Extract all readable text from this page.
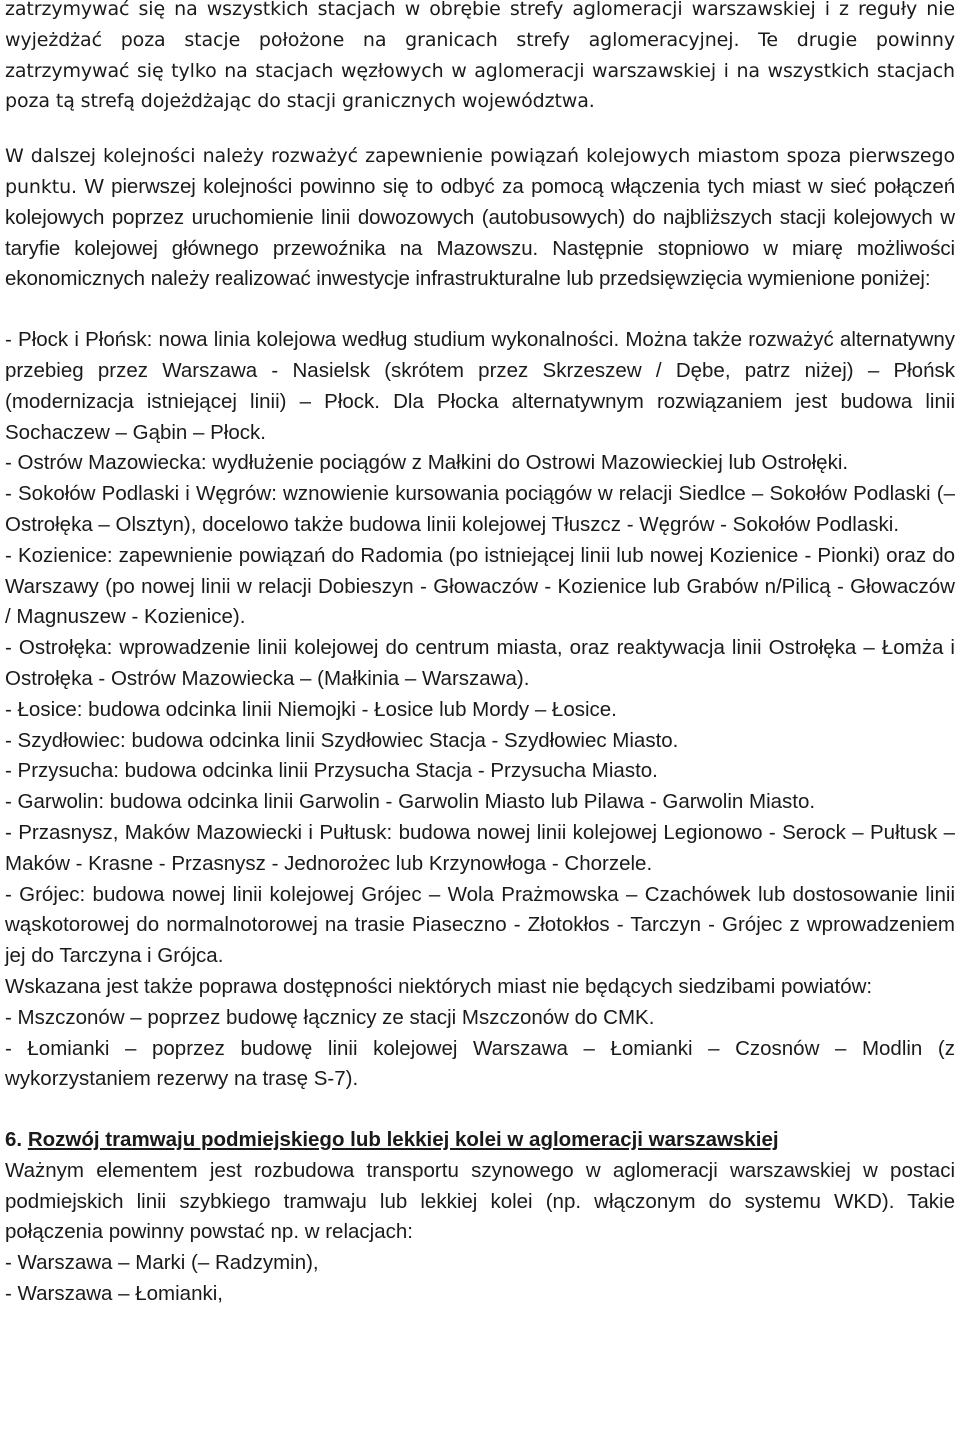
zatrzymywać się na wszystkich stacjach w obrębie strefy aglomeracji warszawskiej i z reguły nie wyjeżdżać poza stacje położone na granicach strefy aglomeracyjnej. Te drugie powinny zatrzymywać się tylko na stacjach węzłowych w aglomeracji warszawskiej i na wszystkich stacjach poza tą strefą dojeżdżając do stacji granicznych województwa.

W dalszej kolejności należy rozważyć zapewnienie powiązań kolejowych miastom spoza pierwszego punktu. W pierwszej kolejności powinno się to odbyć za pomocą włączenia tych miast w sieć połączeń kolejowych poprzez uruchomienie linii dowozowych (autobusowych) do najbliższych stacji kolejowych w taryfie kolejowej głównego przewoźnika na Mazowszu. Następnie stopniowo w miarę możliwości ekonomicznych należy realizować inwestycje infrastrukturalne lub przedsięwzięcia wymienione poniżej:

- Płock i Płońsk: nowa linia kolejowa według studium wykonalności. Można także rozważyć alternatywny przebieg przez Warszawa - Nasielsk (skrótem przez Skrzeszew / Dębe, patrz niżej) – Płońsk (modernizacja istniejącej linii) – Płock. Dla Płocka alternatywnym rozwiązaniem jest budowa linii Sochaczew – Gąbin – Płock.

- Ostrów Mazowiecka: wydłużenie pociągów z Małkini do Ostrowi Mazowieckiej lub Ostrołęki.

- Sokołów Podlaski i Węgrów: wznowienie kursowania pociągów w relacji Siedlce – Sokołów Podlaski (– Ostrołęka – Olsztyn), docelowo także budowa linii kolejowej Tłuszcz - Węgrów - Sokołów Podlaski.

- Kozienice: zapewnienie powiązań do Radomia (po istniejącej linii lub nowej Kozienice - Pionki) oraz do Warszawy (po nowej linii w relacji Dobieszyn - Głowaczów - Kozienice lub Grabów n/Pilicą - Głowaczów / Magnuszew - Kozienice).

- Ostrołęka: wprowadzenie linii kolejowej do centrum miasta, oraz reaktywacja linii Ostrołęka – Łomża i Ostrołęka - Ostrów Mazowiecka – (Małkinia – Warszawa).

- Łosice: budowa odcinka linii Niemojki - Łosice lub Mordy – Łosice.

- Szydłowiec: budowa odcinka linii Szydłowiec Stacja - Szydłowiec Miasto.

- Przysucha: budowa odcinka linii Przysucha Stacja - Przysucha Miasto.

- Garwolin: budowa odcinka linii Garwolin - Garwolin Miasto lub Pilawa - Garwolin Miasto.

- Przasnysz, Maków Mazowiecki i Pułtusk: budowa nowej linii kolejowej Legionowo - Serock – Pułtusk – Maków - Krasne - Przasnysz - Jednorożec lub Krzynowłoga - Chorzele.

- Grójec: budowa nowej linii kolejowej Grójec – Wola Prażmowska – Czachówek lub dostosowanie linii wąskotorowej do normalnotorowej na trasie Piaseczno - Złotokłos - Tarczyn - Grójec z wprowadzeniem jej do Tarczyna i Grójca.

Wskazana jest także poprawa dostępności niektórych miast nie będących siedzibami powiatów:

- Mszczonów – poprzez budowę łącznicy ze stacji Mszczonów do CMK.

- Łomianki – poprzez budowę linii kolejowej Warszawa – Łomianki – Czosnów – Modlin (z wykorzystaniem rezerwy na trasę S-7).

6. Rozwój tramwaju podmiejskiego lub lekkiej kolei w aglomeracji warszawskiej

Ważnym elementem jest rozbudowa transportu szynowego w aglomeracji warszawskiej w postaci podmiejskich linii szybkiego tramwaju lub lekkiej kolei (np. włączonym do systemu WKD). Takie połączenia powinny powstać np. w relacjach:

- Warszawa – Marki (– Radzymin),

- Warszawa – Łomianki,
